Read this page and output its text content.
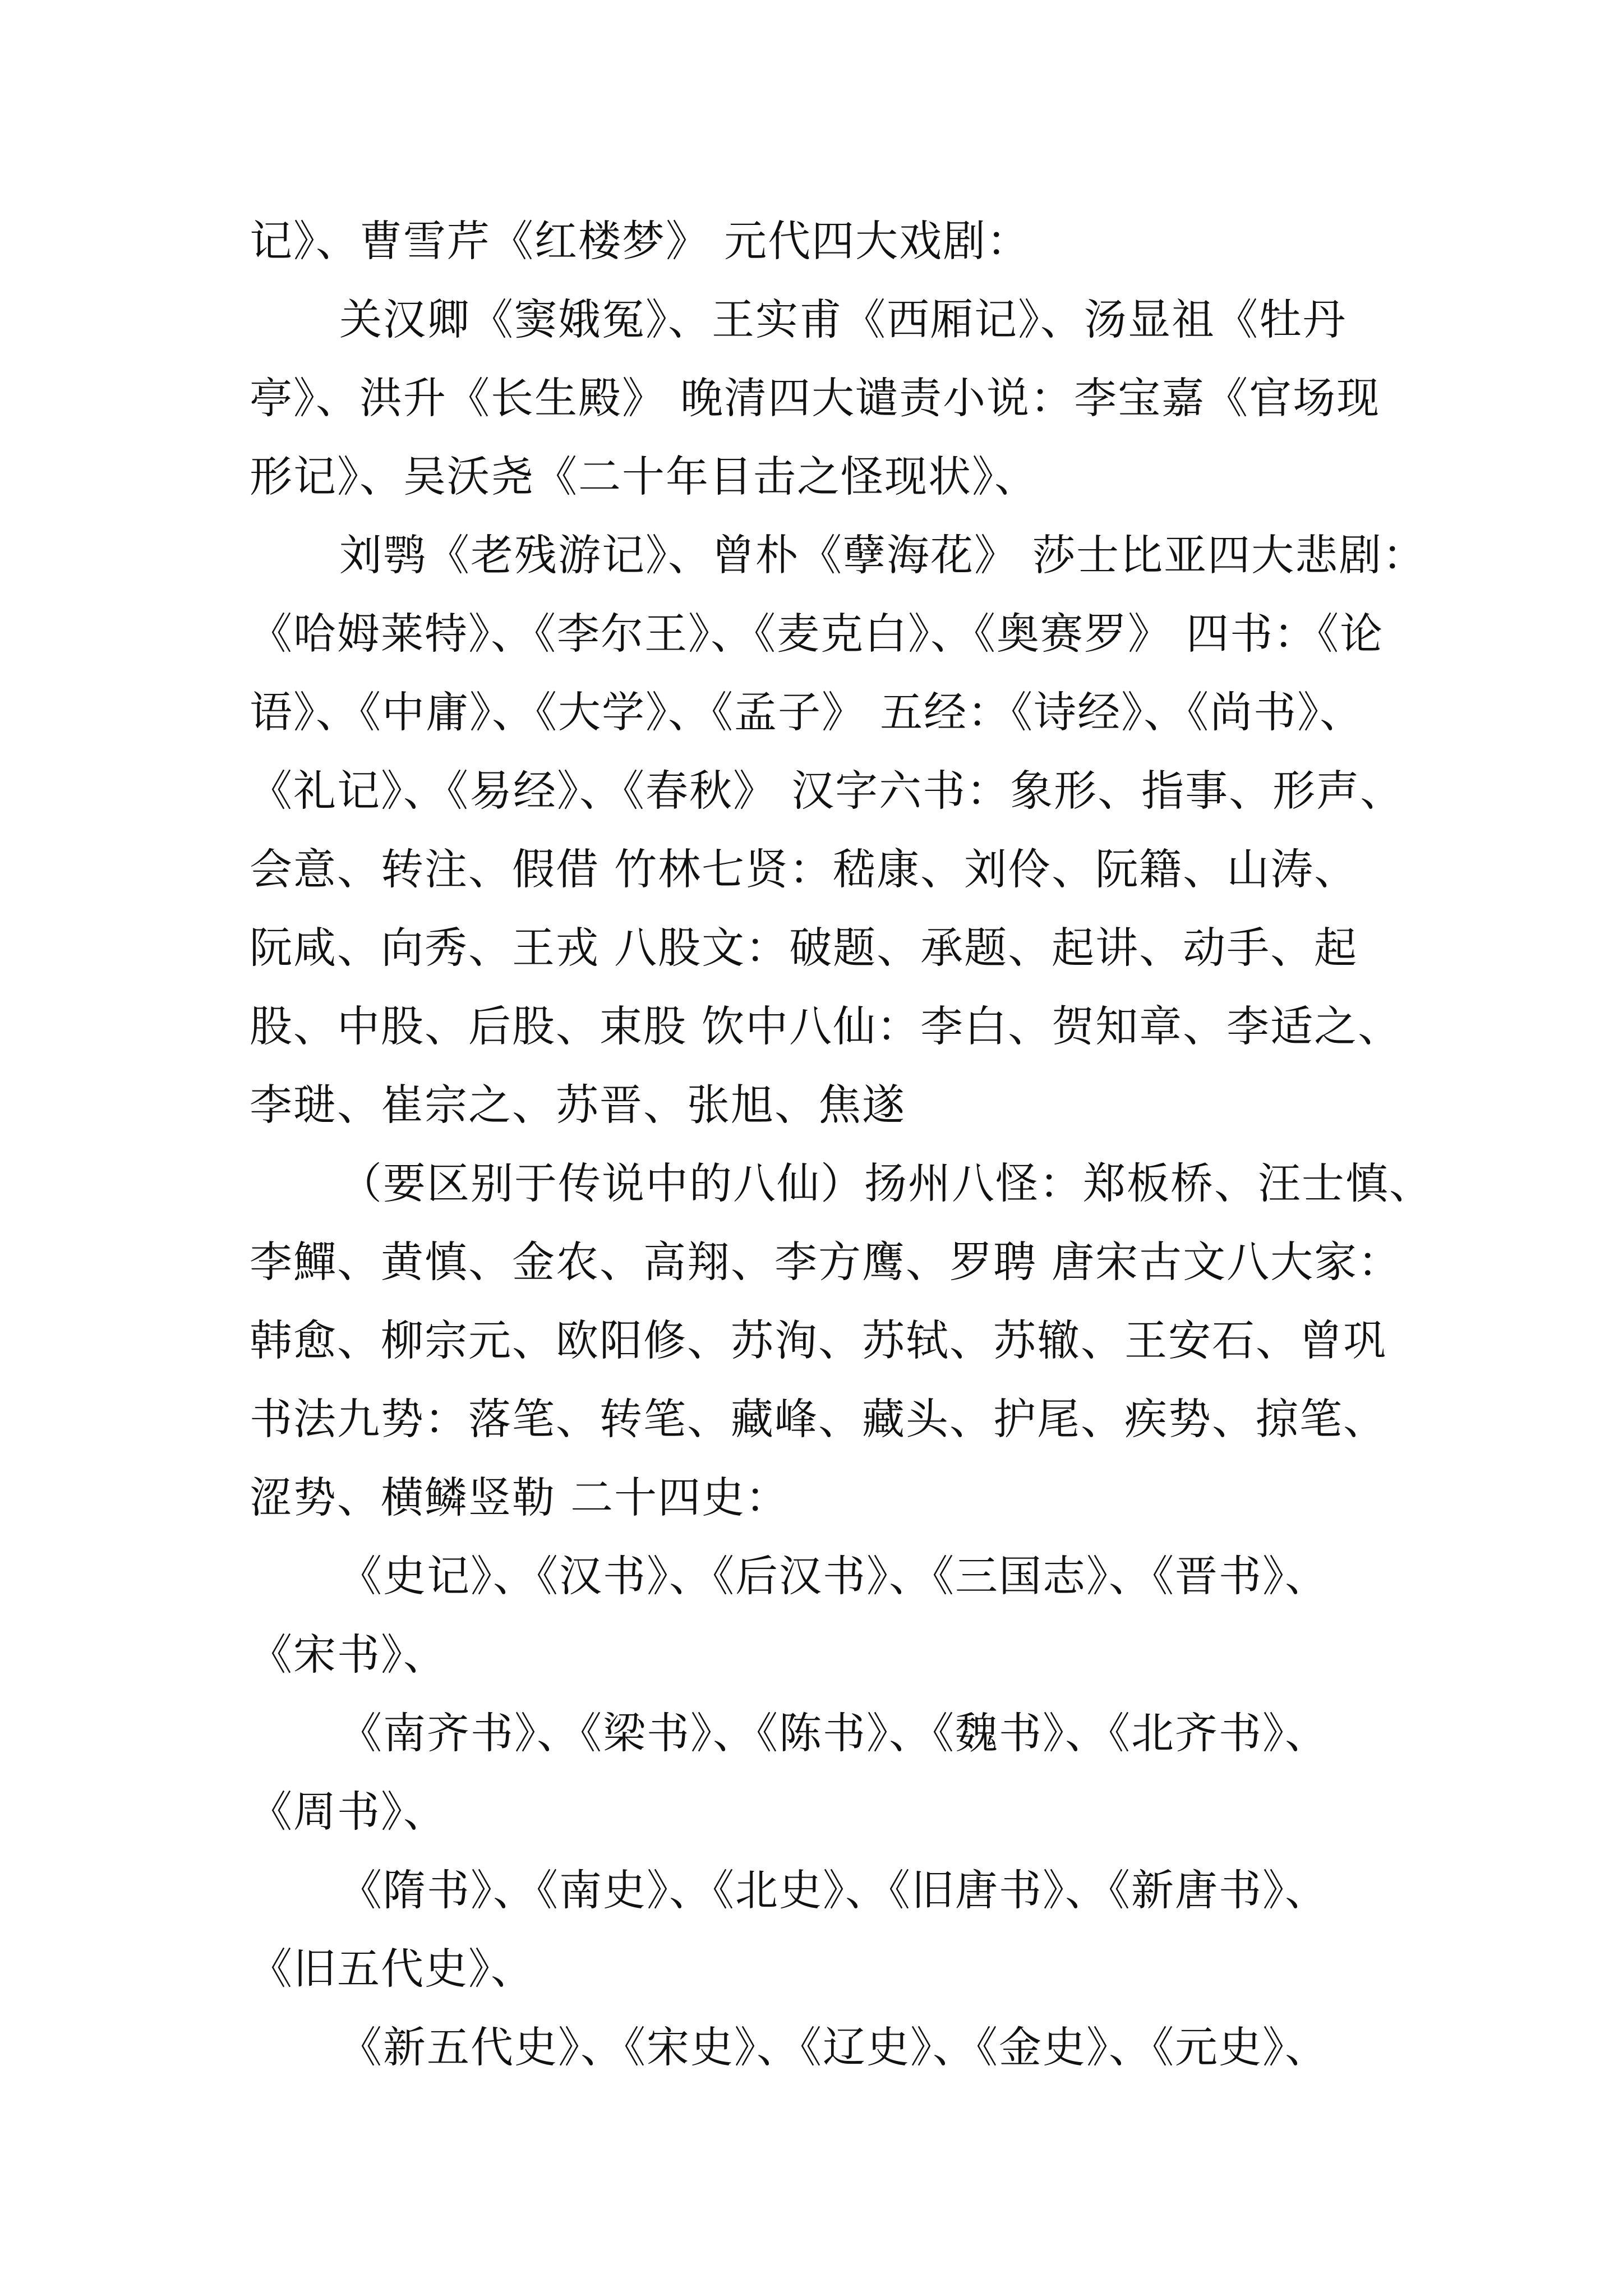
记》、曹雪芹《红楼梦》 元代四大戏剧：
关汉卿《窦娥冤》、王实甫《西厢记》、汤显祖《牡丹
亭》、洪升《长生殿》 晚清四大谴责小说：李宝嘉《官场现
形记》、吴沃尧《二十年目击之怪现状》、
刘鹗《老残游记》、曾朴《孽海花》 莎士比亚四大悲剧：
《哈姆莱特》、《李尔王》、《麦克白》、《奥赛罗》 四书：《论
语》、《中庸》、《大学》、《孟子》 五经：《诗经》、《尚书》、
《礼记》、《易经》、《春秋》 汉字六书：象形、指事、形声、
会意、转注、假借 竹林七贤：嵇康、刘伶、阮籍、山涛、
阮咸、向秀、王戎 八股文：破题、承题、起讲、动手、起
股、中股、后股、束股 饮中八仙：李白、贺知章、李适之、
李琎、崔宗之、苏晋、张旭、焦遂
（要区别于传说中的八仙）扬州八怪：郑板桥、汪士慎、
李鱓、黄慎、金农、高翔、李方鹰、罗聘 唐宋古文八大家：
韩愈、柳宗元、欧阳修、苏洵、苏轼、苏辙、王安石、曾巩
书法九势：落笔、转笔、藏峰、藏头、护尾、疾势、掠笔、
涩势、横鳞竖勒 二十四史：
《史记》、《汉书》、《后汉书》、《三国志》、《晋书》、
《宋书》、
《南齐书》、《梁书》、《陈书》、《魏书》、《北齐书》、
《周书》、
《隋书》、《南史》、《北史》、《旧唐书》、《新唐书》、
《旧五代史》、
《新五代史》、《宋史》、《辽史》、《金史》、《元史》、
